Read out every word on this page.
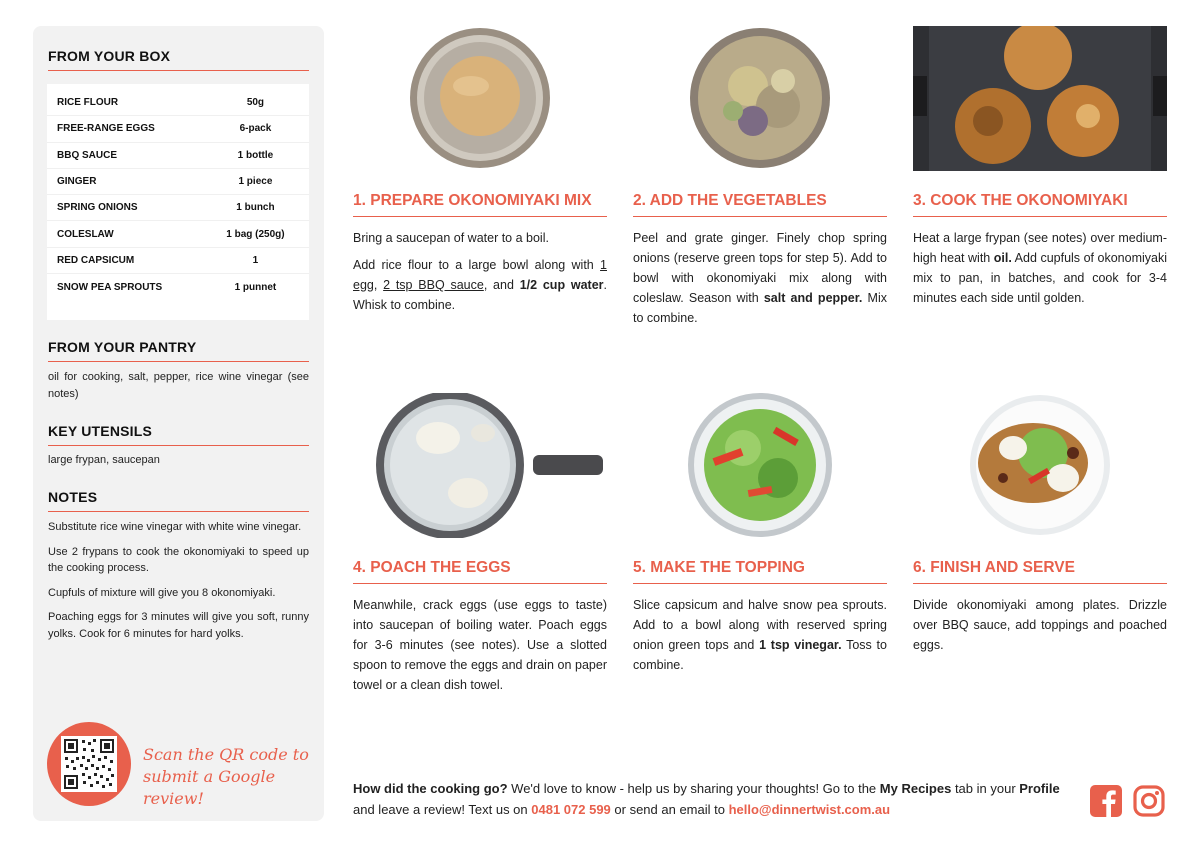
FROM YOUR BOX
RICE FLOUR	50g
FREE-RANGE EGGS	6-pack
BBQ SAUCE	1 bottle
GINGER	1 piece
SPRING ONIONS	1 bunch
COLESLAW	1 bag (250g)
RED CAPSICUM	1
SNOW PEA SPROUTS	1 punnet
FROM YOUR PANTRY
oil for cooking, salt, pepper, rice wine vinegar (see notes)
KEY UTENSILS
large frypan, saucepan
NOTES
Substitute rice wine vinegar with white wine vinegar.
Use 2 frypans to cook the okonomiyaki to speed up the cooking process.
Cupfuls of mixture will give you 8 okonomiyaki.
Poaching eggs for 3 minutes will give you soft, runny yolks. Cook for 6 minutes for hard yolks.
Scan the QR code to
submit a Google review!
1. PREPARE OKONOMIYAKI MIX

Bring a saucepan of water to a boil.

Add rice flour to a large bowl along with 1 egg, 2 tsp BBQ sauce, and 1/2 cup water. Whisk to combine.

2. ADD THE VEGETABLES

Peel and grate ginger. Finely chop spring onions (reserve green tops for step 5). Add to bowl with okonomiyaki mix along with coleslaw. Season with salt and pepper. Mix to combine.

3. COOK THE OKONOMIYAKI

Heat a large frypan (see notes) over medium-high heat with oil. Add cupfuls of okonomiyaki mix to pan, in batches, and cook for 3-4 minutes each side until golden.

4. POACH THE EGGS

Meanwhile, crack eggs (use eggs to taste) into saucepan of boiling water. Poach eggs for 3-6 minutes (see notes). Use a slotted spoon to remove the eggs and drain on paper towel or a clean dish towel.

5. MAKE THE TOPPING

Slice capsicum and halve snow pea sprouts. Add to a bowl along with reserved spring onion green tops and 1 tsp vinegar. Toss to combine.

6. FINISH AND SERVE

Divide okonomiyaki among plates. Drizzle over BBQ sauce, add toppings and poached eggs.

How did the cooking go? We'd love to know - help us by sharing your thoughts! Go to the My Recipes tab in your Profile and leave a review! Text us on 0481 072 599 or send an email to hello@dinnertwist.com.au
